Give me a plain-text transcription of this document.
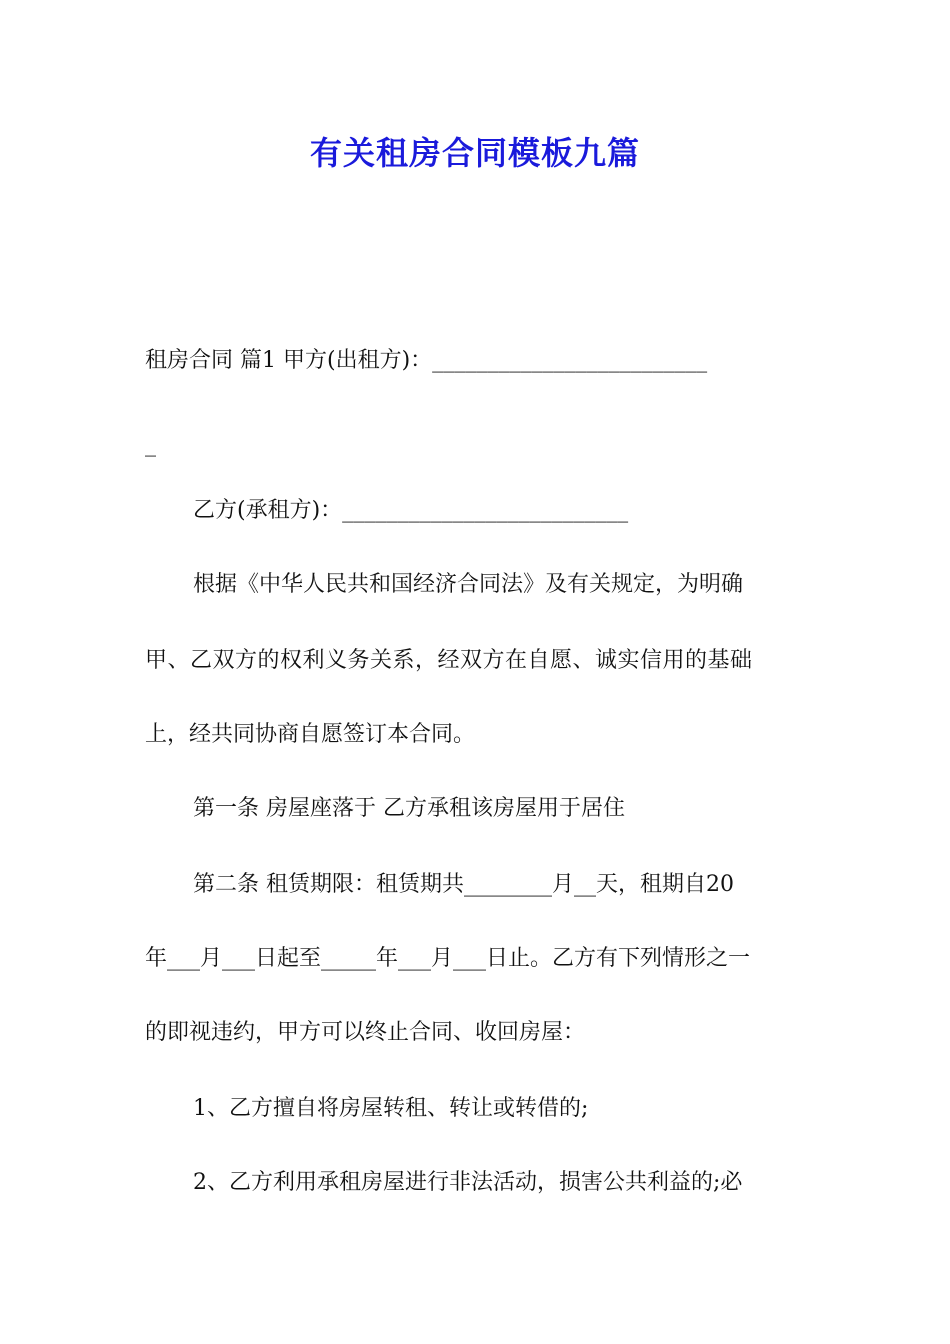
有关租房合同模板九篇
租房合同 篇1 甲方(出租方)：_________________________
_
乙方(承租方)：__________________________
根据《中华人民共和国经济合同法》及有关规定，为明确
甲、乙双方的权利义务关系，经双方在自愿、诚实信用的基础
上，经共同协商自愿签订本合同。
第一条 房屋座落于 乙方承租该房屋用于居住
第二条 租赁期限：租赁期共________月__天，租期自20
年___月___日起至_____年___月___日止。乙方有下列情形之一
的即视违约，甲方可以终止合同、收回房屋：
1、乙方擅自将房屋转租、转让或转借的;
2、乙方利用承租房屋进行非法活动，损害公共利益的;必
